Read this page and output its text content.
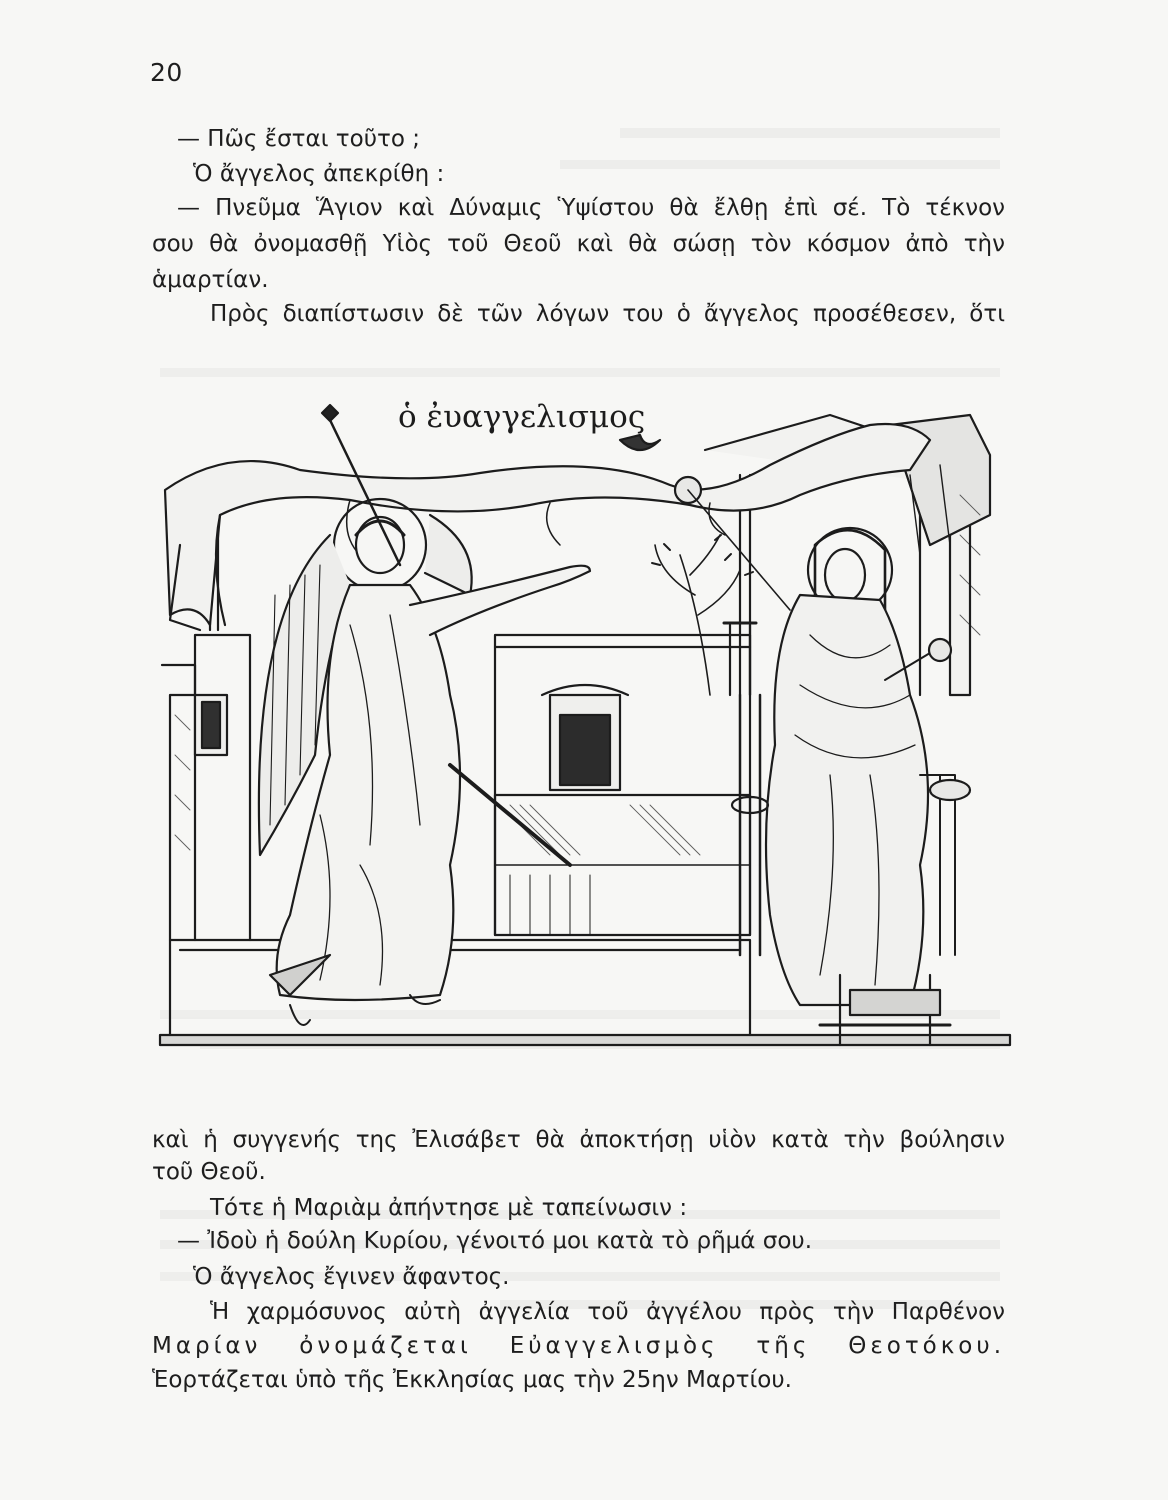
20
— Πῶς ἔσται τοῦτο ;
Ὁ ἄγγελος ἀπεκρίθη :
— Πνεῦμα Ἅγιον καὶ Δύναμις Ὑψίστου θὰ ἔλθῃ ἐπὶ σέ. Τὸ τέκνον
σου θὰ ὀνομασθῇ Υἱὸς τοῦ Θεοῦ καὶ θὰ σώσῃ τὸν κόσμον ἀπὸ τὴν
ἁμαρτίαν.
Πρὸς διαπίστωσιν δὲ τῶν λόγων του ὁ ἄγγελος προσέθεσεν, ὅτι
ὁ ἐυαγγελισμος
καὶ ἡ συγγενής της Ἐλισάβετ θὰ ἀποκτήσῃ υἱὸν κατὰ τὴν βούλησιν
τοῦ Θεοῦ.
Τότε ἡ Μαριὰμ ἀπήντησε μὲ ταπείνωσιν :
— Ἰδοὺ ἡ δούλη Κυρίου, γένοιτό μοι κατὰ τὸ ρῆμά σου.
Ὁ ἄγγελος ἔγινεν ἄφαντος.
Ἡ χαρμόσυνος αὐτὴ ἀγγελία τοῦ ἀγγέλου πρὸς τὴν Παρθένον
Μαρίαν ὀνομάζεται Εὐαγγελισμὸς τῆς Θεοτόκου.
Ἑορτάζεται ὑπὸ τῆς Ἐκκλησίας μας τὴν 25ην Μαρτίου.
